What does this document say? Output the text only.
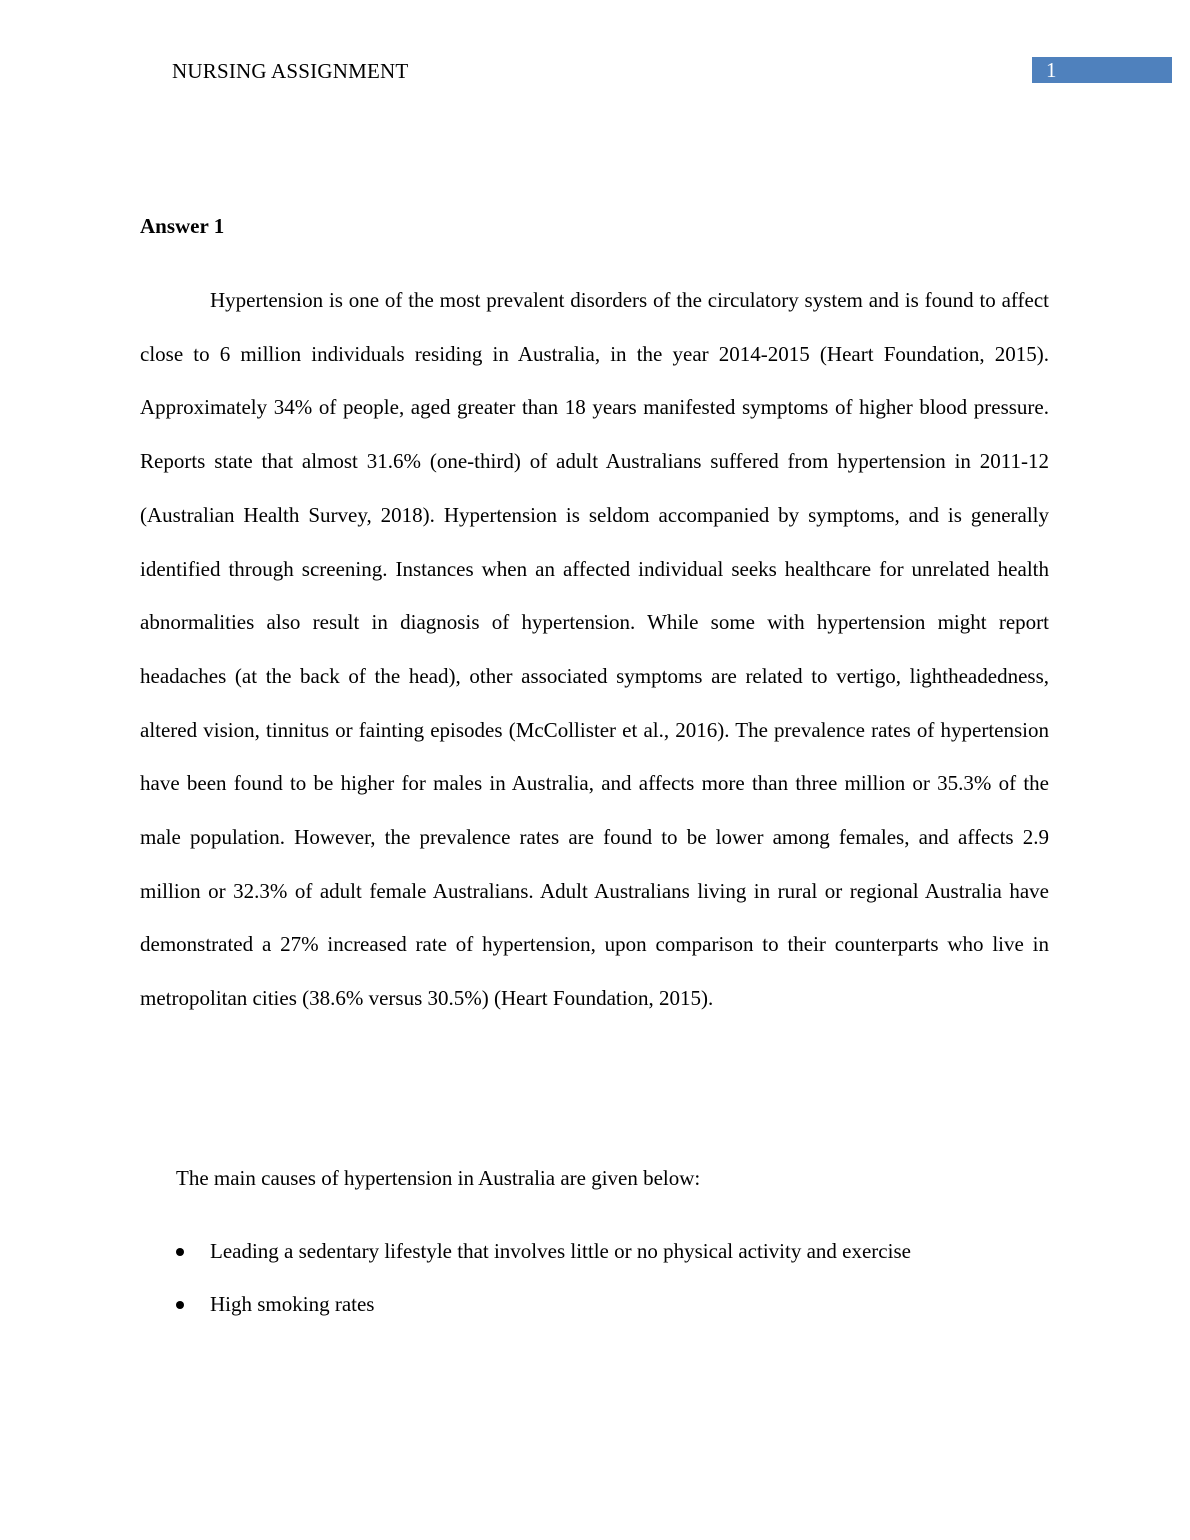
NURSING ASSIGNMENT	1
Answer 1

Hypertension is one of the most prevalent disorders of the circulatory system and is found to affect close to 6 million individuals residing in Australia, in the year 2014-2015 (Heart Foundation, 2015). Approximately 34% of people, aged greater than 18 years manifested symptoms of higher blood pressure. Reports state that almost 31.6% (one-third) of adult Australians suffered from hypertension in 2011-12 (Australian Health Survey, 2018). Hypertension is seldom accompanied by symptoms, and is generally identified through screening. Instances when an affected individual seeks healthcare for unrelated health abnormalities also result in diagnosis of hypertension. While some with hypertension might report headaches (at the back of the head), other associated symptoms are related to vertigo, lightheadedness, altered vision, tinnitus or fainting episodes (McCollister et al., 2016). The prevalence rates of hypertension have been found to be higher for males in Australia, and affects more than three million or 35.3% of the male population. However, the prevalence rates are found to be lower among females, and affects 2.9 million or 32.3% of adult female Australians. Adult Australians living in rural or regional Australia have demonstrated a 27% increased rate of hypertension, upon comparison to their counterparts who live in metropolitan cities (38.6% versus 30.5%) (Heart Foundation, 2015).

The main causes of hypertension in Australia are given below:

Leading a sedentary lifestyle that involves little or no physical activity and exercise
High smoking rates
